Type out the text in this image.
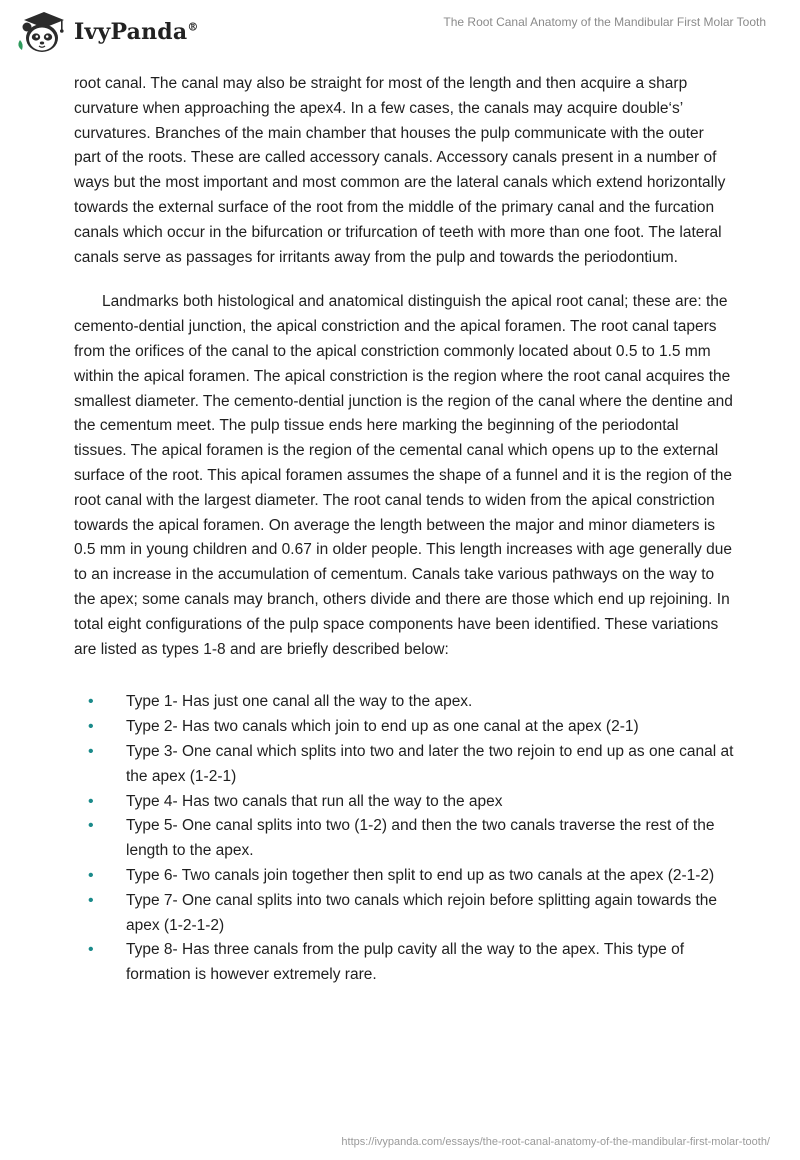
IvyPanda®	The Root Canal Anatomy of the Mandibular First Molar Tooth

root canal. The canal may also be straight for most of the length and then acquire a sharp curvature when approaching the apex4. In a few cases, the canals may acquire double‘s’ curvatures. Branches of the main chamber that houses the pulp communicate with the outer part of the roots. These are called accessory canals. Accessory canals present in a number of ways but the most important and most common are the lateral canals which extend horizontally towards the external surface of the root from the middle of the primary canal and the furcation canals which occur in the bifurcation or trifurcation of teeth with more than one foot. The lateral canals serve as passages for irritants away from the pulp and towards the periodontium.

Landmarks both histological and anatomical distinguish the apical root canal; these are: the cemento-dential junction, the apical constriction and the apical foramen. The root canal tapers from the orifices of the canal to the apical constriction commonly located about 0.5 to 1.5 mm within the apical foramen. The apical constriction is the region where the root canal acquires the smallest diameter. The cemento-dential junction is the region of the canal where the dentine and the cementum meet. The pulp tissue ends here marking the beginning of the periodontal tissues. The apical foramen is the region of the cemental canal which opens up to the external surface of the root. This apical foramen assumes the shape of a funnel and it is the region of the root canal with the largest diameter. The root canal tends to widen from the apical constriction towards the apical foramen. On average the length between the major and minor diameters is 0.5 mm in young children and 0.67 in older people. This length increases with age generally due to an increase in the accumulation of cementum. Canals take various pathways on the way to the apex; some canals may branch, others divide and there are those which end up rejoining. In total eight configurations of the pulp space components have been identified. These variations are listed as types 1-8 and are briefly described below:

• Type 1- Has just one canal all the way to the apex.
• Type 2- Has two canals which join to end up as one canal at the apex (2-1)
• Type 3- One canal which splits into two and later the two rejoin to end up as one canal at the apex (1-2-1)
• Type 4- Has two canals that run all the way to the apex
• Type 5- One canal splits into two (1-2) and then the two canals traverse the rest of the length to the apex.
• Type 6- Two canals join together then split to end up as two canals at the apex (2-1-2)
• Type 7- One canal splits into two canals which rejoin before splitting again towards the apex (1-2-1-2)
• Type 8- Has three canals from the pulp cavity all the way to the apex. This type of formation is however extremely rare.
https://ivypanda.com/essays/the-root-canal-anatomy-of-the-mandibular-first-molar-tooth/
